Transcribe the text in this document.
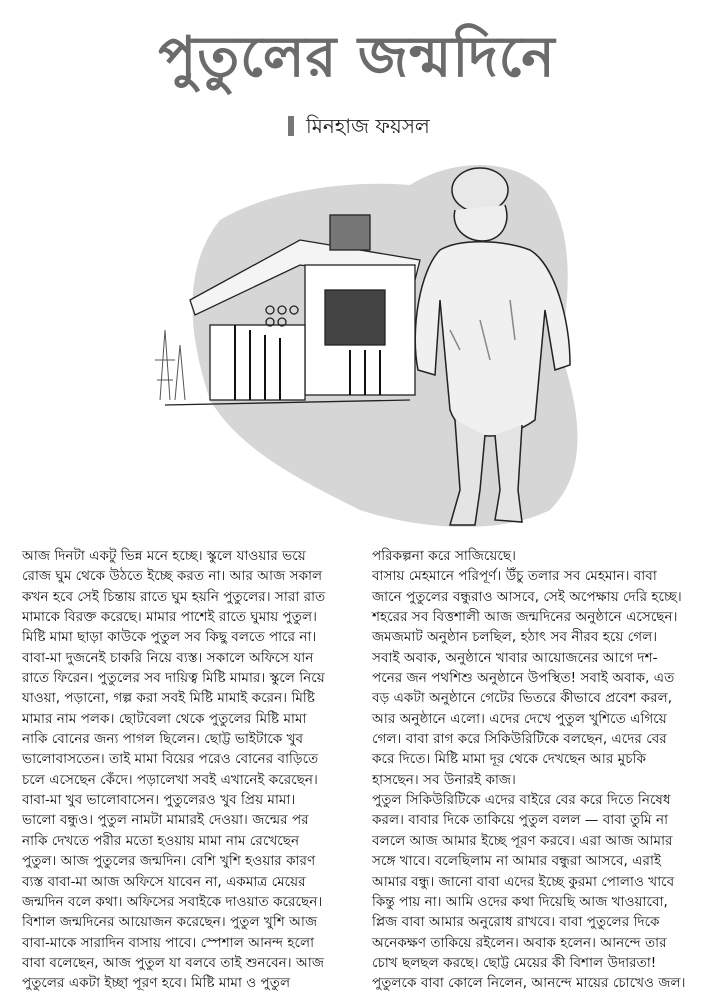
পুতুলের জন্মদিনে
মিনহাজ ফয়সল
আজ দিনটা একটু ভিন্ন মনে হচ্ছে। স্কুলে যাওয়ার ভয়ে
রোজ ঘুম থেকে উঠতে ইচ্ছে করত না। আর আজ সকাল
কখন হবে সেই চিন্তায় রাতে ঘুম হয়নি পুতুলের। সারা রাত
মামাকে বিরক্ত করেছে। মামার পাশেই রাতে ঘুমায় পুতুল।
মিষ্টি মামা ছাড়া কাউকে পুতুল সব কিছু বলতে পারে না।
বাবা-মা দুজনেই চাকরি নিয়ে ব্যস্ত। সকালে অফিসে যান
রাতে ফিরেন। পুতুলের সব দায়িত্ব মিষ্টি মামার। স্কুলে নিয়ে
যাওয়া, পড়ানো, গল্প করা সবই মিষ্টি মামাই করেন। মিষ্টি
মামার নাম পলক। ছোটবেলা থেকে পুতুলের মিষ্টি মামা
নাকি বোনের জন্য পাগল ছিলেন। ছোট্ট ভাইটাকে খুব
ভালোবাসতেন। তাই মামা বিয়ের পরেও বোনের বাড়িতে
চলে এসেছেন কেঁদে। পড়ালেখা সবই এখানেই করেছেন।
বাবা-মা খুব ভালোবাসেন। পুতুলেরও খুব প্রিয় মামা।
ভালো বন্ধুও। পুতুল নামটা মামারই দেওয়া। জন্মের পর
নাকি দেখতে পরীর মতো হওয়ায় মামা নাম রেখেছেন
পুতুল। আজ পুতুলের জন্মদিন। বেশি খুশি হওয়ার কারণ
ব্যস্ত বাবা-মা আজ অফিসে যাবেন না, একমাত্র মেয়ের
জন্মদিন বলে কথা। অফিসের সবাইকে দাওয়াত করেছেন।
বিশাল জন্মদিনের আয়োজন করেছেন। পুতুল খুশি আজ
বাবা-মাকে সারাদিন বাসায় পাবে। স্পেশাল আনন্দ হলো
বাবা বলেছেন, আজ পুতুল যা বলবে তাই শুনবেন। আজ
পুতুলের একটা ইচ্ছা পূরণ হবে। মিষ্টি মামা ও পুতুল
পরিকল্পনা করে সাজিয়েছে।
বাসায় মেহমানে পরিপূর্ণ। উঁচু তলার সব মেহমান। বাবা
জানে পুতুলের বন্ধুরাও আসবে, সেই অপেক্ষায় দেরি হচ্ছে।
শহরের সব বিত্তশালী আজ জন্মদিনের অনুষ্ঠানে এসেছেন।
জমজমাট অনুষ্ঠান চলছিল, হঠাৎ সব নীরব হয়ে গেল।
সবাই অবাক, অনুষ্ঠানে খাবার আয়োজনের আগে দশ-
পনের জন পথশিশু অনুষ্ঠানে উপস্থিত! সবাই অবাক, এত
বড় একটা অনুষ্ঠানে গেটের ভিতরে কীভাবে প্রবেশ করল,
আর অনুষ্ঠানে এলো। এদের দেখে পুতুল খুশিতে এগিয়ে
গেল। বাবা রাগ করে সিকিউরিটিকে বলছেন, এদের বের
করে দিতে। মিষ্টি মামা দূর থেকে দেখছেন আর মুচকি
হাসছেন। সব উনারই কাজ।
পুতুল সিকিউরিটিকে এদের বাইরে বের করে দিতে নিষেধ
করল। বাবার দিকে তাকিয়ে পুতুল বলল — বাবা তুমি না
বললে আজ আমার ইচ্ছে পূরণ করবে। এরা আজ আমার
সঙ্গে খাবে। বলেছিলাম না আমার বন্ধুরা আসবে, এরাই
আমার বন্ধু। জানো বাবা এদের ইচ্ছে কুরমা পোলাও খাবে
কিন্তু পায় না। আমি ওদের কথা দিয়েছি আজ খাওয়াবো,
প্লিজ বাবা আমার অনুরোধ রাখবে। বাবা পুতুলের দিকে
অনেকক্ষণ তাকিয়ে রইলেন। অবাক হলেন। আনন্দে তার
চোখ ছলছল করছে। ছোট্ট মেয়ের কী বিশাল উদারতা!
পুতুলকে বাবা কোলে নিলেন, আনন্দে মায়ের চোখেও জল।
